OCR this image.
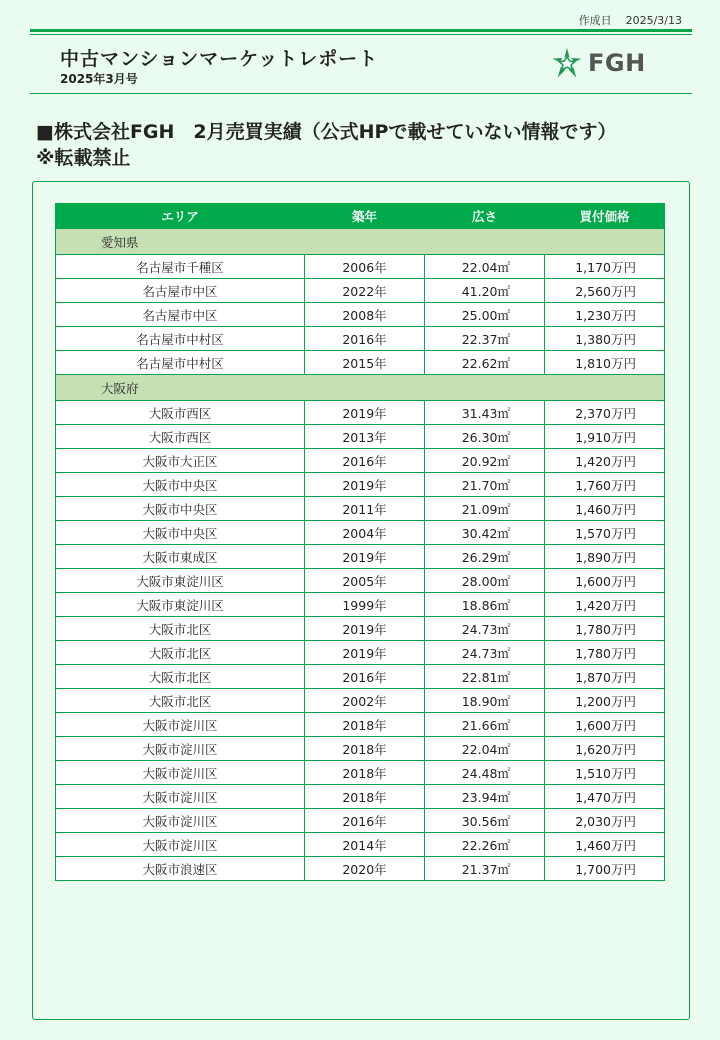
作成日 2025/3/13
中古マンションマーケットレポート
2025年3月号
FGH
■株式会社FGH　2月売買実績（公式HPで載せていない情報です）
※転載禁止
エリア	築年	広さ	買付価格
愛知県			
名古屋市千種区	2006年	22.04㎡	1,170万円
名古屋市中区	2022年	41.20㎡	2,560万円
名古屋市中区	2008年	25.00㎡	1,230万円
名古屋市中村区	2016年	22.37㎡	1,380万円
名古屋市中村区	2015年	22.62㎡	1,810万円
大阪府			
大阪市西区	2019年	31.43㎡	2,370万円
大阪市西区	2013年	26.30㎡	1,910万円
大阪市大正区	2016年	20.92㎡	1,420万円
大阪市中央区	2019年	21.70㎡	1,760万円
大阪市中央区	2011年	21.09㎡	1,460万円
大阪市中央区	2004年	30.42㎡	1,570万円
大阪市東成区	2019年	26.29㎡	1,890万円
大阪市東淀川区	2005年	28.00㎡	1,600万円
大阪市東淀川区	1999年	18.86㎡	1,420万円
大阪市北区	2019年	24.73㎡	1,780万円
大阪市北区	2019年	24.73㎡	1,780万円
大阪市北区	2016年	22.81㎡	1,870万円
大阪市北区	2002年	18.90㎡	1,200万円
大阪市淀川区	2018年	21.66㎡	1,600万円
大阪市淀川区	2018年	22.04㎡	1,620万円
大阪市淀川区	2018年	24.48㎡	1,510万円
大阪市淀川区	2018年	23.94㎡	1,470万円
大阪市淀川区	2016年	30.56㎡	2,030万円
大阪市淀川区	2014年	22.26㎡	1,460万円
大阪市浪速区	2020年	21.37㎡	1,700万円
